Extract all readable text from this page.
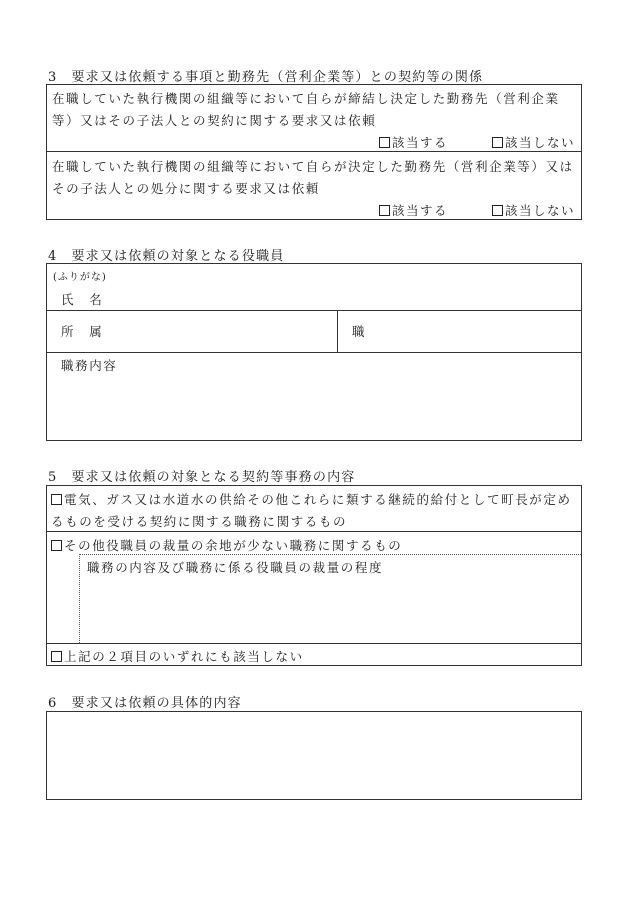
3 要求又は依頼する事項と勤務先（営利企業等）との契約等の関係
在職していた執行機関の組織等において自らが締結し決定した勤務先（営利企業
等）又はその子法人との契約に関する要求又は依頼
該当する	該当しない
在職していた執行機関の組織等において自らが決定した勤務先（営利企業等）又は
その子法人との処分に関する要求又は依頼
該当する	該当しない
4 要求又は依頼の対象となる役職員
(ふりがな)
氏　名
所　属	職
職務内容
5 要求又は依頼の対象となる契約等事務の内容
電気、ガス又は水道水の供給その他これらに類する継続的給付として町長が定め
るものを受ける契約に関する職務に関するもの
その他役職員の裁量の余地が少ない職務に関するもの
職務の内容及び職務に係る役職員の裁量の程度
上記の２項目のいずれにも該当しない
6 要求又は依頼の具体的内容
